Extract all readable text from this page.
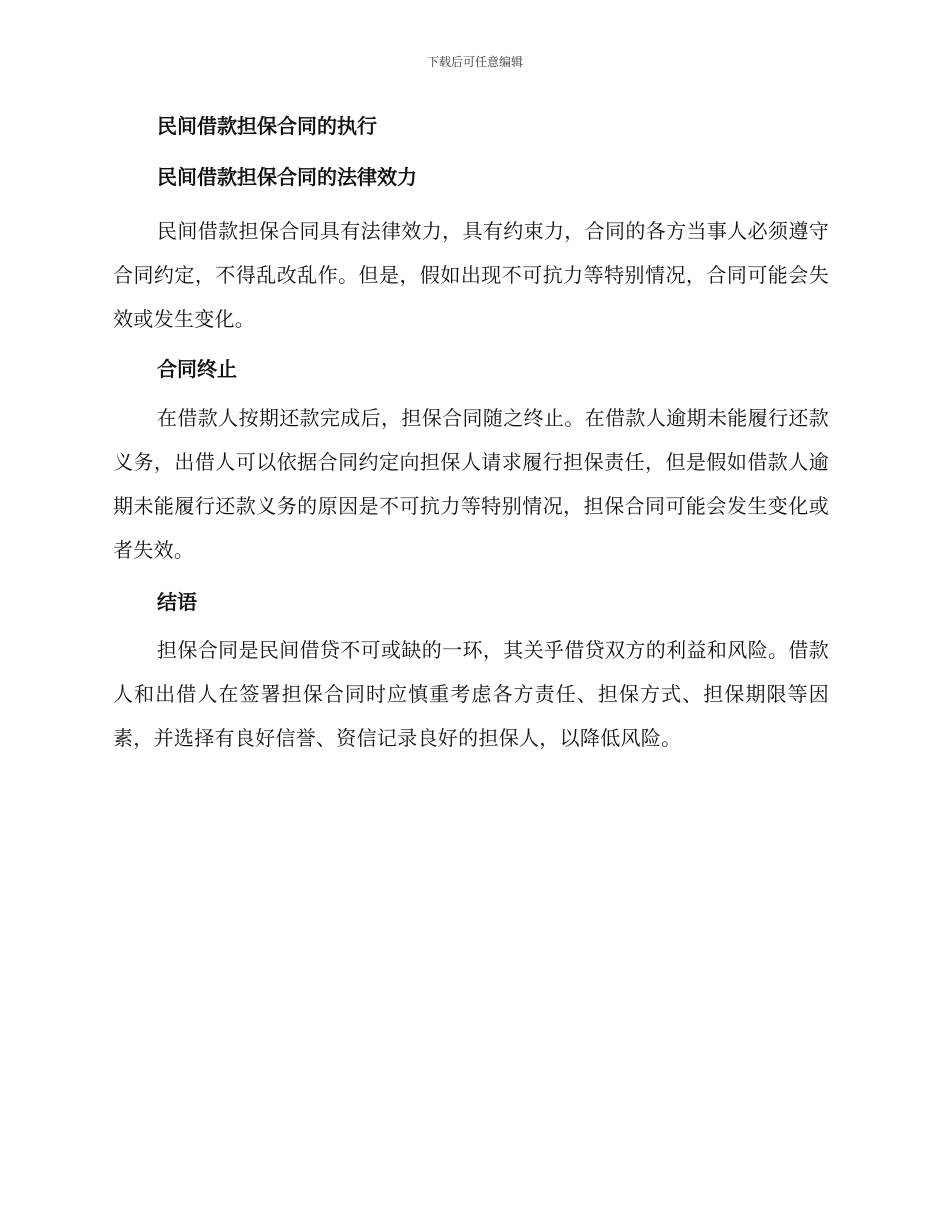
下载后可任意编辑
民间借款担保合同的执行
民间借款担保合同的法律效力

民间借款担保合同具有法律效力，具有约束力，合同的各方当事人必须遵守合同约定，不得乱改乱作。但是，假如出现不可抗力等特别情况，合同可能会失效或发生变化。

合同终止

在借款人按期还款完成后，担保合同随之终止。在借款人逾期未能履行还款义务，出借人可以依据合同约定向担保人请求履行担保责任，但是假如借款人逾期未能履行还款义务的原因是不可抗力等特别情况，担保合同可能会发生变化或者失效。

结语

担保合同是民间借贷不可或缺的一环，其关乎借贷双方的利益和风险。借款人和出借人在签署担保合同时应慎重考虑各方责任、担保方式、担保期限等因素，并选择有良好信誉、资信记录良好的担保人，以降低风险。
